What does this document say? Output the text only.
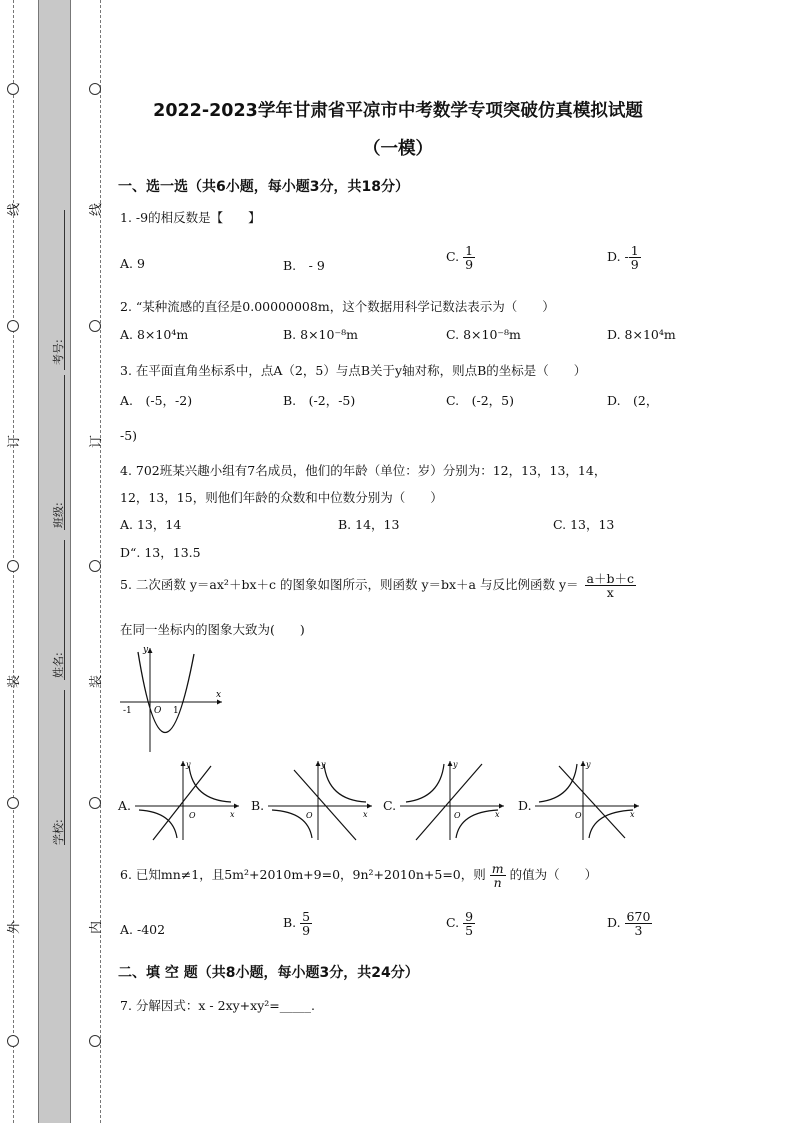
线
订
装
外
线
订
装
内
考号:
班级:
姓名:
学校:
2022-2023学年甘肃省平凉市中考数学专项突破仿真模拟试题
（一模）
一、选一选（共6小题，每小题3分，共18分）
1. -9的相反数是【　　】
A. 9	B.　- 9
C. $\frac{1}{9}$	D. - $\frac{1}{9}$
2. “某种流感的直径是0.00000008m，这个数据用科学记数法表示为（　　）
A. 8×10⁴m	B. 8×10⁻⁸m	C. 8×10⁻⁸m	D. 8×10⁴m
3. 在平面直角坐标系中，点A（2，5）与点B关于y轴对称，则点B的坐标是（　　）
A.　(-5，-2)	B.　(-2，-5)	C.　(-2，5)	D.　(2，
-5)
4. 702班某兴趣小组有7名成员，他们的年龄（单位：岁）分别为：12，13，13，14，
12，13，15，则他们年龄的众数和中位数分别为（　　）
A. 13，14	B. 14，13	C. 13，13
D“. 13，13.5
5. 二次函数 y＝ax²＋bx＋c 的图象如图所示，则函数 y＝bx＋a 与反比例函数 $y= \frac{a+b+c}{x}$
在同一坐标内的图象大致为(　　)
y
x
O
-1	1
A.
y
O	x
B.
y
O	x
C.
y
O	x
D.
y
O	x
6. 已知mn≠1，且5m²+2010m+9=0，9n²+2010n+5=0，则 $\frac{m}{n}$ 的值为（　　）
A. -402	B. $\frac{5}{9}$	C. $\frac{9}{5}$	D. $\frac{670}{3}$
二、填 空 题（共8小题，每小题3分，共24分）
7. 分解因式：x - 2xy+xy²=_____.
